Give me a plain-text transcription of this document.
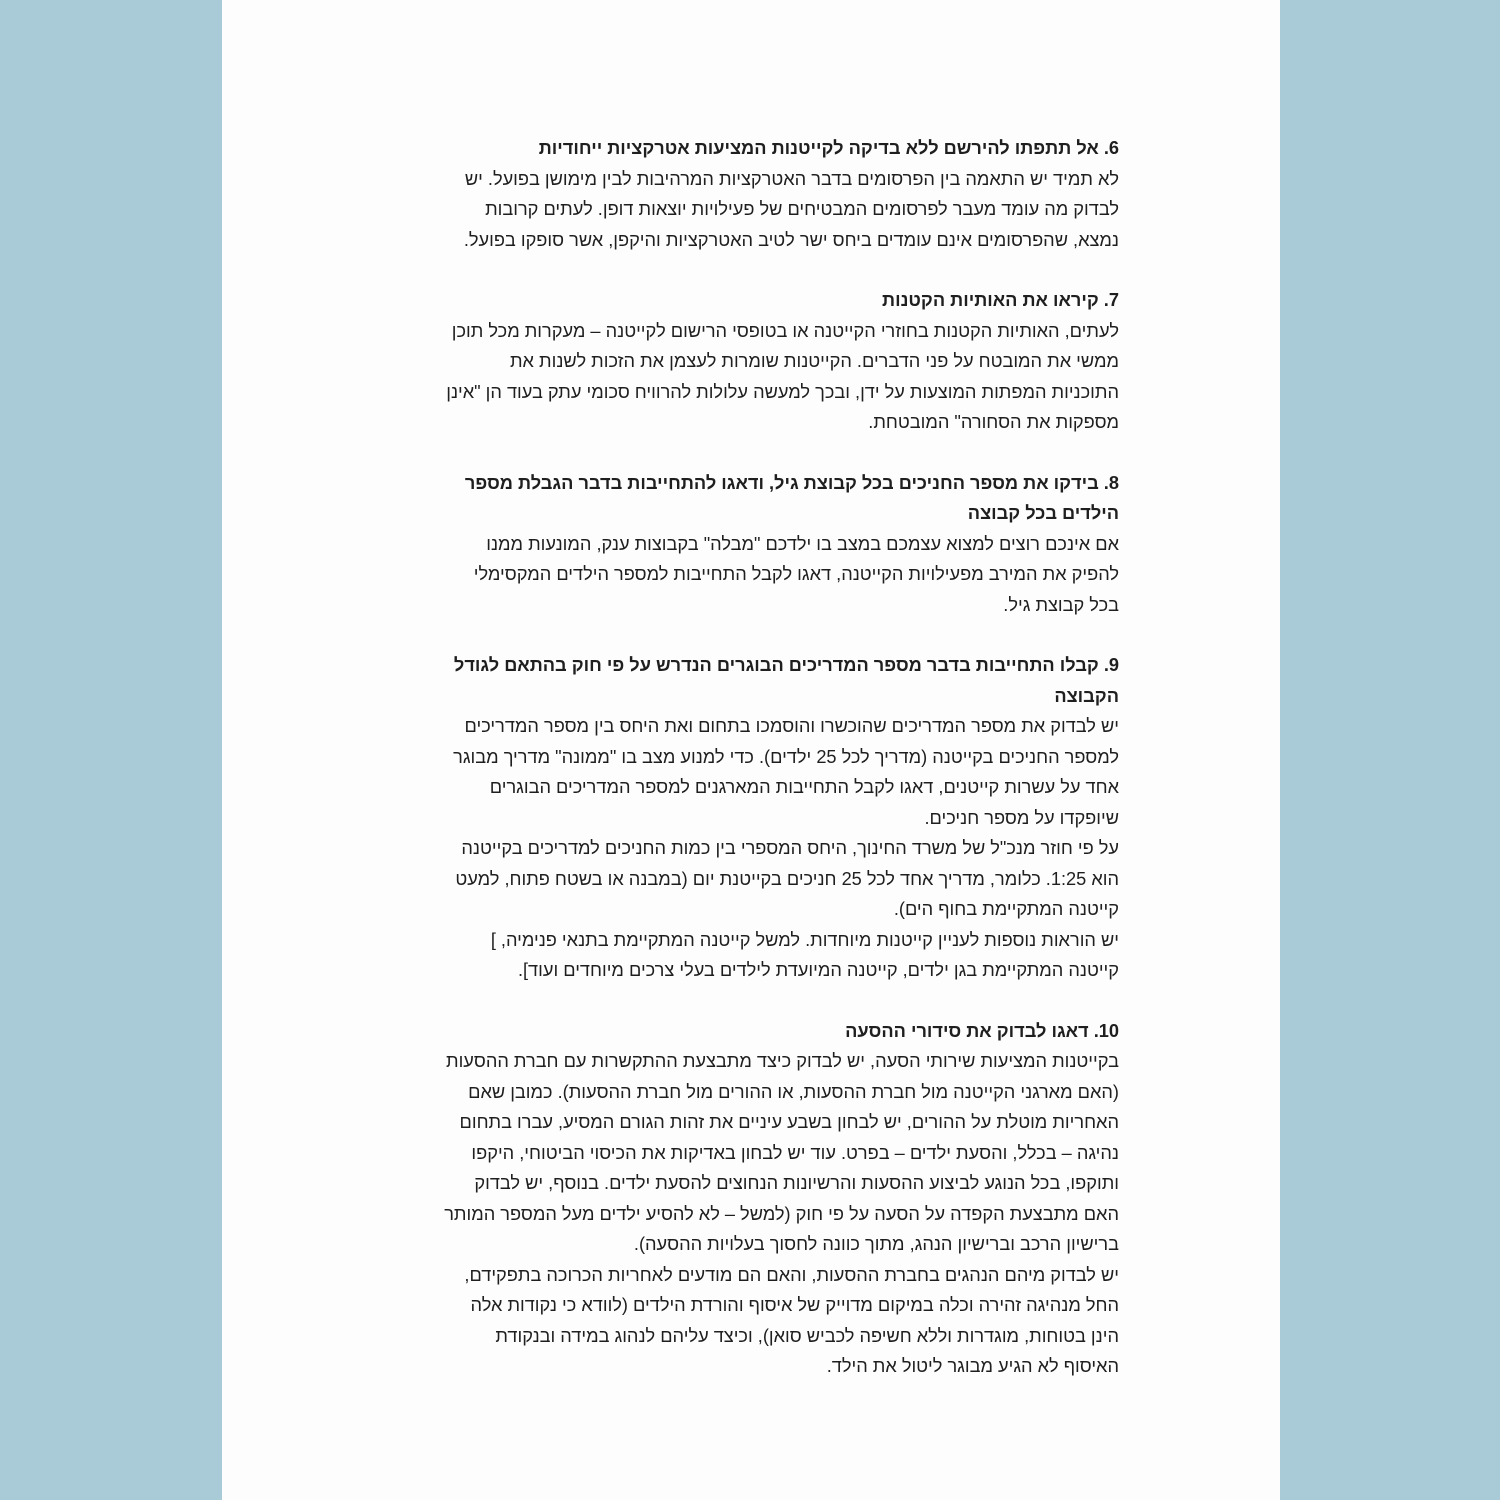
6. אל תתפתו להירשם ללא בדיקה לקייטנות המציעות אטרקציות ייחודיות
לא תמיד יש התאמה בין הפרסומים בדבר האטרקציות המרהיבות לבין מימושן בפועל. יש
לבדוק מה עומד מעבר לפרסומים המבטיחים של פעילויות יוצאות דופן. לעתים קרובות
נמצא, שהפרסומים אינם עומדים ביחס ישר לטיב האטרקציות והיקפן, אשר סופקו בפועל.
7. קיראו את האותיות הקטנות
לעתים, האותיות הקטנות בחוזרי הקייטנה או בטופסי הרישום לקייטנה – מעקרות מכל תוכן
ממשי את המובטח על פני הדברים. הקייטנות שומרות לעצמן את הזכות לשנות את
התוכניות המפתות המוצעות על ידן, ובכך למעשה עלולות להרוויח סכומי עתק בעוד הן "אינן
מספקות את הסחורה" המובטחת.
8. בידקו את מספר החניכים בכל קבוצת גיל, ודאגו להתחייבות בדבר הגבלת מספר
הילדים בכל קבוצה
אם אינכם רוצים למצוא עצמכם במצב בו ילדכם "מבלה" בקבוצות ענק, המונעות ממנו
להפיק את המירב מפעילויות הקייטנה, דאגו לקבל התחייבות למספר הילדים המקסימלי
בכל קבוצת גיל.
9. קבלו התחייבות בדבר מספר המדריכים הבוגרים הנדרש על פי חוק בהתאם לגודל
הקבוצה
יש לבדוק את מספר המדריכים שהוכשרו והוסמכו בתחום ואת היחס בין מספר המדריכים
למספר החניכים בקייטנה (מדריך לכל 25 ילדים). כדי למנוע מצב בו "ממונה" מדריך מבוגר
אחד על עשרות קייטנים, דאגו לקבל התחייבות המארגנים למספר המדריכים הבוגרים
שיופקדו על מספר חניכים.
על פי חוזר מנכ"ל של משרד החינוך, היחס המספרי בין כמות החניכים למדריכים בקייטנה
הוא 1:25. כלומר, מדריך אחד לכל 25 חניכים בקייטנת יום (במבנה או בשטח פתוח, למעט
קייטנה המתקיימת בחוף הים).
יש הוראות נוספות לעניין קייטנות מיוחדות. למשל קייטנה המתקיימת בתנאי פנימיה, ]
קייטנה המתקיימת בגן ילדים, קייטנה המיועדת לילדים בעלי צרכים מיוחדים ועוד].
10. דאגו לבדוק את סידורי ההסעה
בקייטנות המציעות שירותי הסעה, יש לבדוק כיצד מתבצעת ההתקשרות עם חברת ההסעות
(האם מארגני הקייטנה מול חברת ההסעות, או ההורים מול חברת ההסעות). כמובן שאם
האחריות מוטלת על ההורים, יש לבחון בשבע עיניים את זהות הגורם המסיע, עברו בתחום
נהיגה – בכלל, והסעת ילדים – בפרט. עוד יש לבחון באדיקות את הכיסוי הביטוחי, היקפו
ותוקפו, בכל הנוגע לביצוע ההסעות והרשיונות הנחוצים להסעת ילדים. בנוסף, יש לבדוק
האם מתבצעת הקפדה על הסעה על פי חוק (למשל – לא להסיע ילדים מעל המספר המותר
ברישיון הרכב וברישיון הנהג, מתוך כוונה לחסוך בעלויות ההסעה).
יש לבדוק מיהם הנהגים בחברת ההסעות, והאם הם מודעים לאחריות הכרוכה בתפקידם,
החל מנהיגה זהירה וכלה במיקום מדוייק של איסוף והורדת הילדים (לוודא כי נקודות אלה
הינן בטוחות, מוגדרות וללא חשיפה לכביש סואן), וכיצד עליהם לנהוג במידה ובנקודת
האיסוף לא הגיע מבוגר ליטול את הילד.
